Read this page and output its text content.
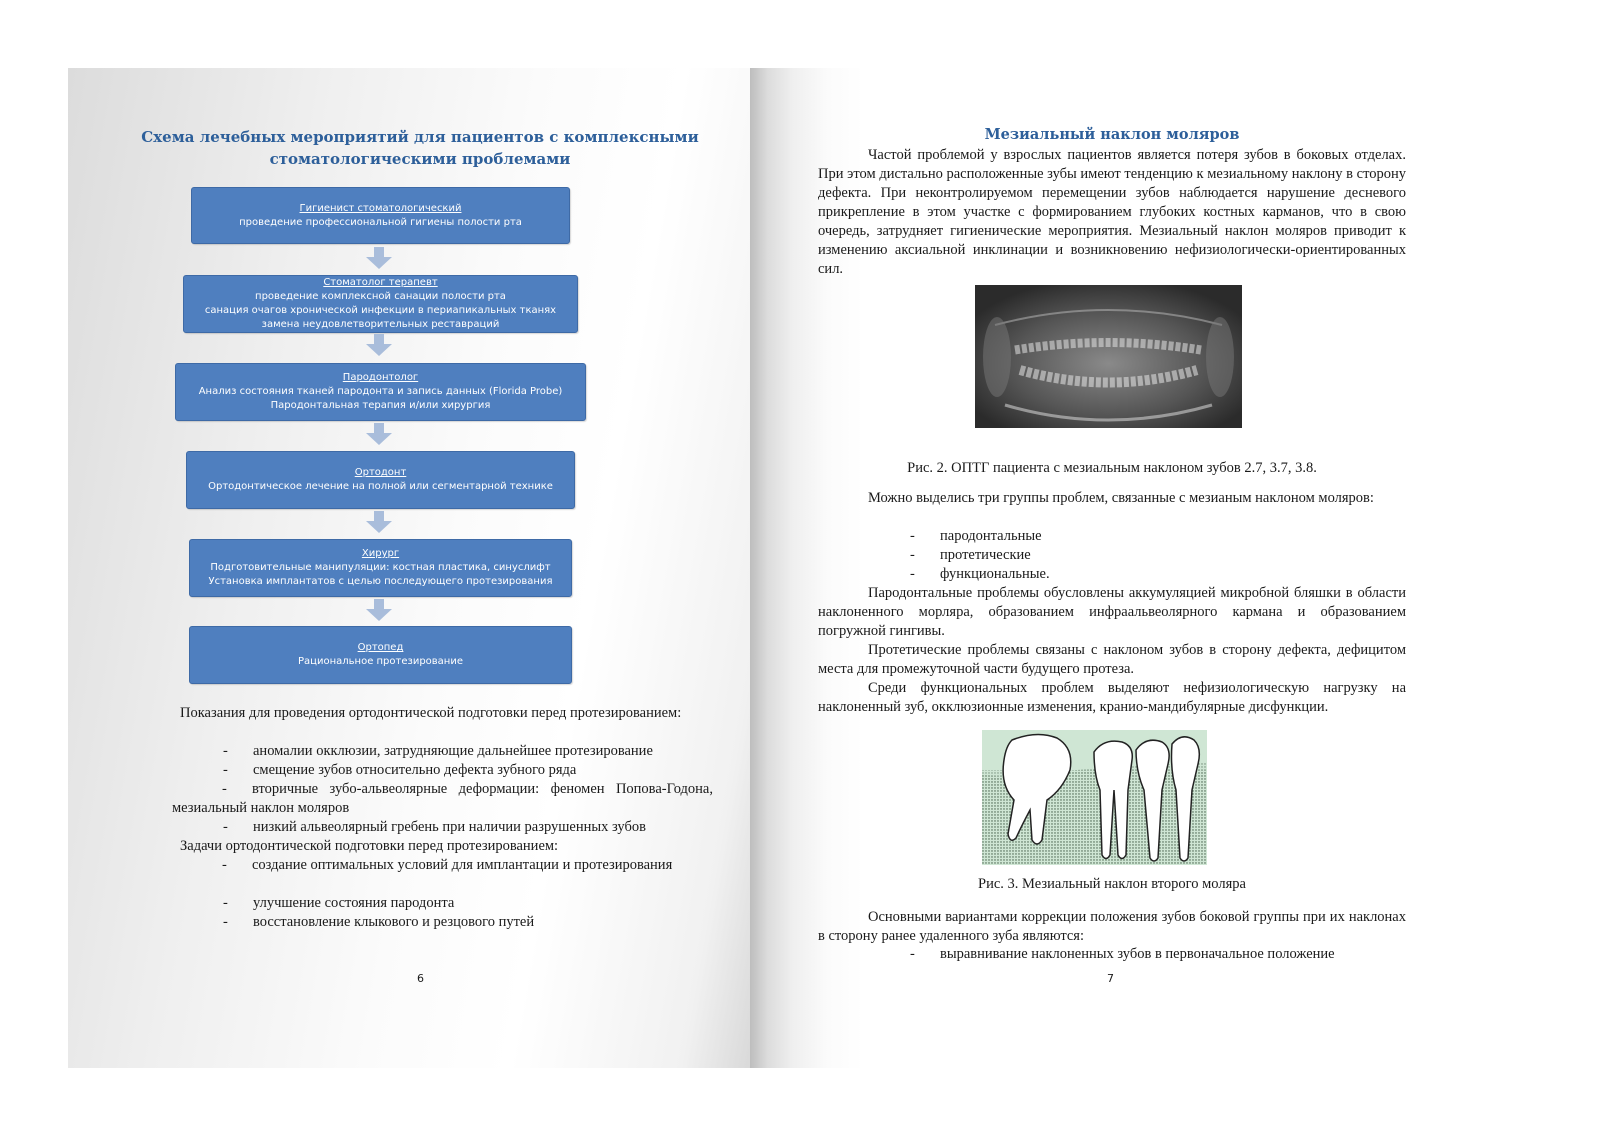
Схема лечебных мероприятий для пациентов с комплексными
стоматологическими проблемами
Гигиенист стоматологический
проведение профессиональной гигиены полости рта
Стоматолог терапевт
проведение комплексной санации полости рта
санация очагов хронической инфекции в периапикальных тканях
замена неудовлетворительных реставраций
Пародонтолог
Анализ состояния тканей пародонта и запись данных (Florida Probe)
Пародонтальная терапия и/или хирургия
Ортодонт
Ортодонтическое лечение на полной или сегментарной технике
Хирург
Подготовительные манипуляции: костная пластика, синуслифт
Установка имплантатов с целью последующего протезирования
Ортопед
Рациональное протезирование

Показания для проведения ортодонтической подготовки перед протезированием:

- аномалии окклюзии, затрудняющие дальнейшее протезирование
- смещение зубов относительно дефекта зубного ряда
- вторичные зубо-альвеолярные деформации: феномен Попова-Годона, мезиальный наклон моляров
- низкий альвеолярный гребень при наличии разрушенных зубов
Задачи ортодонтической подготовки перед протезированием:
- создание оптимальных условий для имплантации и протезирования
- улучшение состояния пародонта
- восстановление клыкового и резцового путей
6
Мезиальный наклон моляров

Частой проблемой у взрослых пациентов является потеря зубов в боковых отделах. При этом дистально расположенные зубы имеют тенденцию к мезиальному наклону в сторону дефекта. При неконтролируемом перемещении зубов наблюдается нарушение десневого прикрепление в этом участке с формированием глубоких костных карманов, что в свою очередь, затрудняет гигиенические мероприятия. Мезиальный наклон моляров приводит к изменению аксиальной инклинации и возникновению нефизиологически-ориентированных сил.

Рис. 2. ОПТГ пациента с мезиальным наклоном зубов 2.7, 3.7, 3.8.

Можно выделись три группы проблем, связанные с мезианым наклоном моляров:

- пародонтальные
- протетические
- функциональные.

Пародонтальные проблемы обусловлены аккумуляцией микробной бляшки в области наклоненного морляра, образованием инфраальвеолярного кармана и образованием погружной гингивы.

Протетические проблемы связаны с наклоном зубов в сторону дефекта, дефицитом места для промежуточной части будущего протеза.

Среди функциональных проблем выделяют нефизиологическую нагрузку на наклоненный зуб, окклюзионные изменения, кранио-мандибулярные дисфункции.

Рис. 3. Мезиальный наклон второго моляра

Основными вариантами коррекции положения зубов боковой группы при их наклонах в сторону ранее удаленного зуба являются:

- выравнивание наклоненных зубов в первоначальное положение
7
